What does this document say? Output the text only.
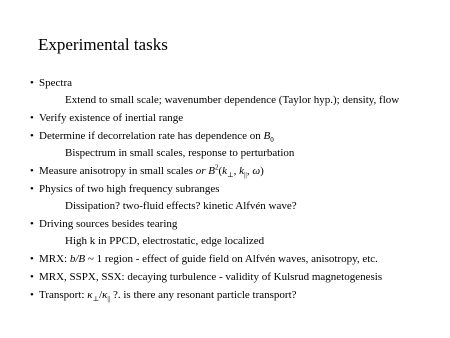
Experimental tasks
• Spectra
Extend to small scale; wavenumber dependence (Taylor hyp.); density, flow
• Verify existence of inertial range
• Determine if decorrelation rate has dependence on $B_0$
Bispectrum in small scales, response to perturbation
• Measure anisotropy in small scales or $B^2(k_\perp$, $k_{||}$, ω)
• Physics of two high frequency subranges
Dissipation? two-fluid effects? kinetic Alfvén wave?
• Driving sources besides tearing
High k in PPCD, electrostatic, edge localized
• MRX: b/B ~ 1 region - effect of guide field on Alfvén waves, anisotropy, etc.
• MRX, SSPX, SSX: decaying turbulence - validity of Kulsrud magnetogenesis
• Transport: $\kappa_\perp/\kappa_{||}$ ?. is there any resonant particle transport?
